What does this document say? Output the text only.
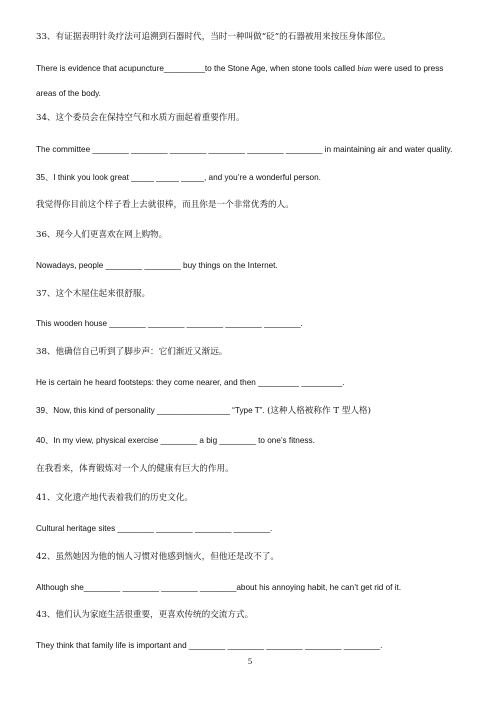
33、有证据表明针灸疗法可追溯到石器时代，当时一种叫做“砭”的石器被用来按压身体部位。
There is evidence that acupuncture_________to the Stone Age, when stone tools called bian were used to press
areas of the body.
34、这个委员会在保持空气和水质方面起着重要作用。
The committee ________ ________ ________ ________ ________ ________ in maintaining air and water quality.
35、I think you look great _____ _____ _____, and you’re a wonderful person.
我觉得你目前这个样子看上去就很棒，而且你是一个非常优秀的人。
36、现今人们更喜欢在网上购物。
Nowadays, people ________ ________ buy things on the Internet.
37、这个木屋住起来很舒服。
This wooden house ________ ________ ________ ________ ________.
38、他确信自己听到了脚步声：它们渐近又渐远。
He is certain he heard footsteps: they come nearer, and then _________ _________.
39、Now, this kind of personality ________________ “Type T”. (这种人格被称作 T 型人格)
40、In my view, physical exercise ________ a big ________ to one’s fitness.
在我看来，体育锻炼对一个人的健康有巨大的作用。
41、文化遗产地代表着我们的历史文化。
Cultural heritage sites ________ ________ ________ ________.
42、虽然她因为他的恼人习惯对他感到恼火，但他还是改不了。
Although she________ ________ ________ ________about his annoying habit, he can’t get rid of it.
43、他们认为家庭生活很重要，更喜欢传统的交流方式。
They think that family life is important and ________ ________ ________ ________ ________.
5
